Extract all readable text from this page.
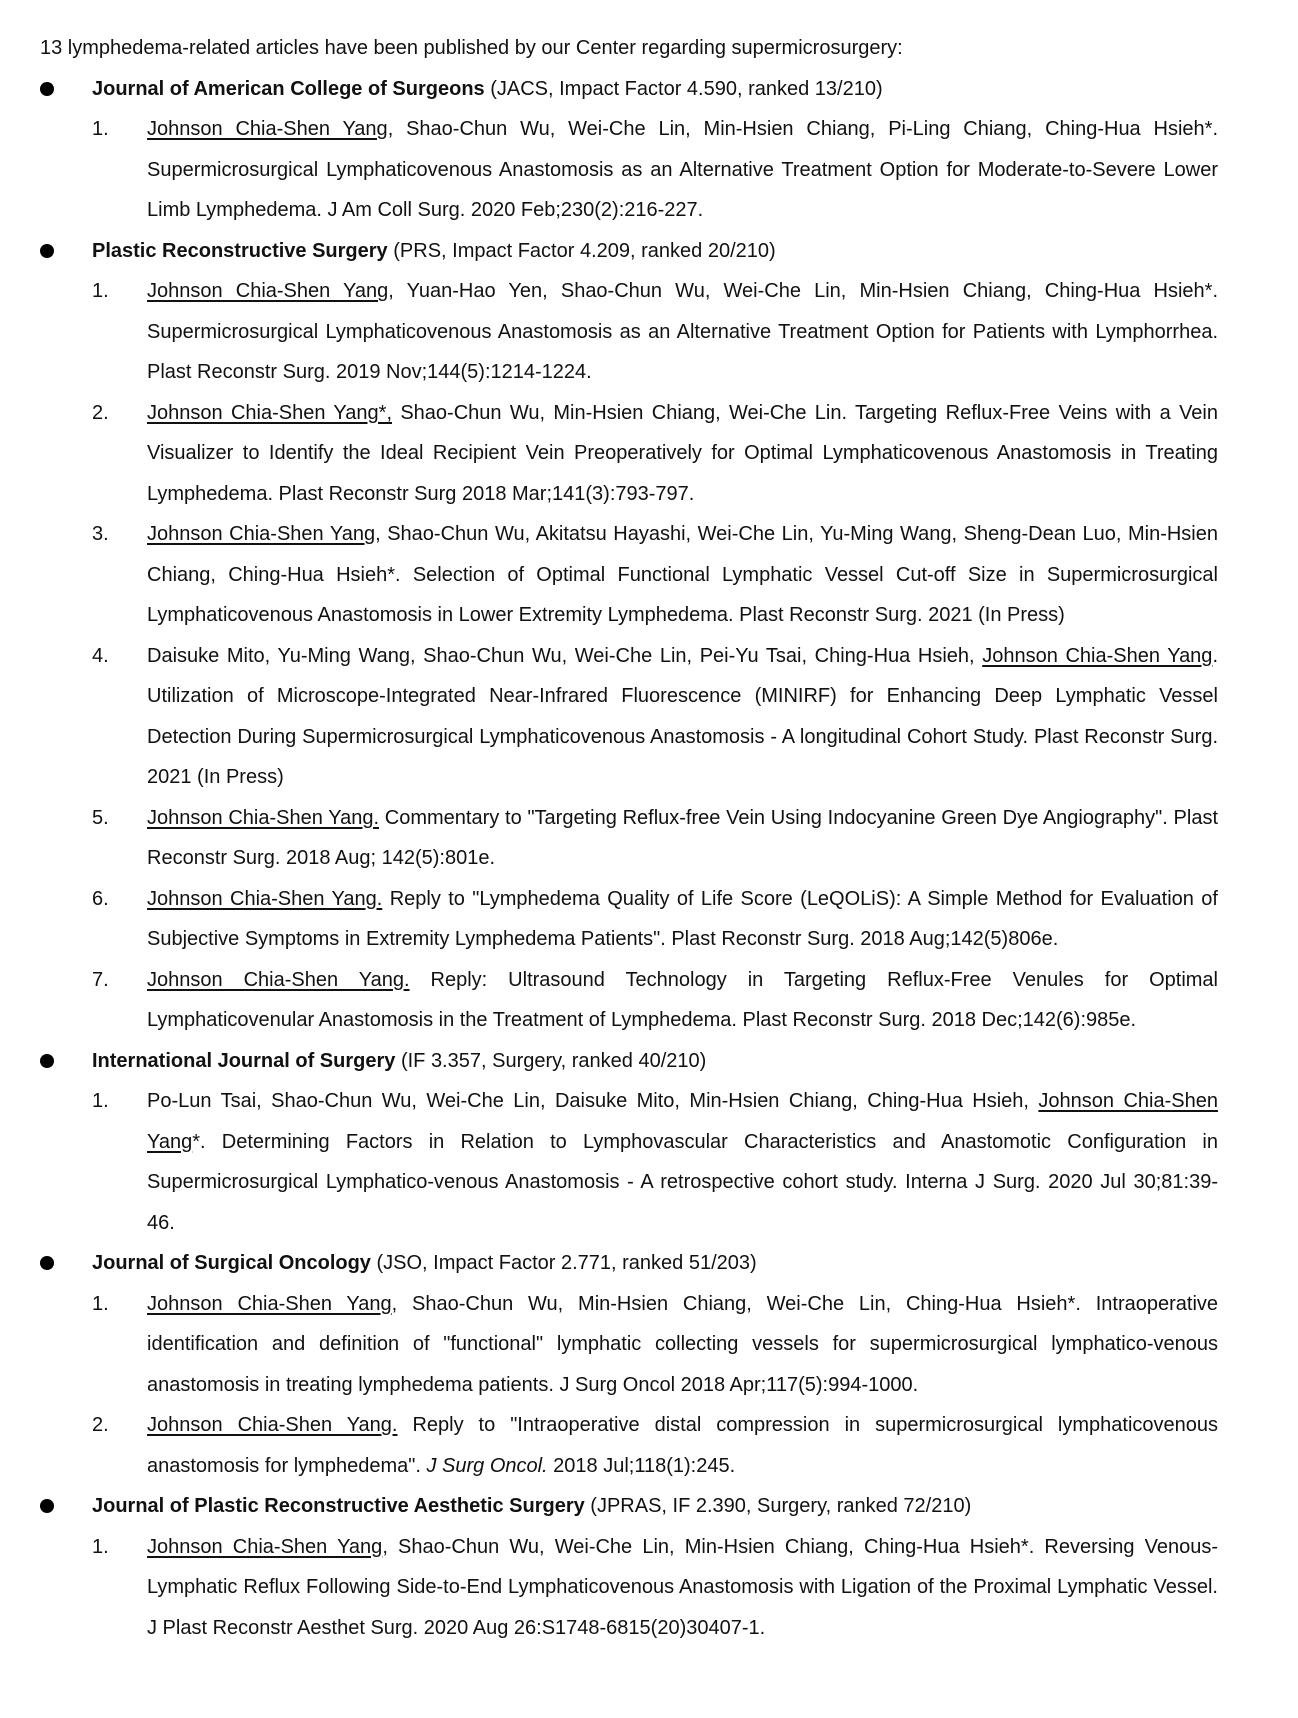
13 lymphedema-related articles have been published by our Center regarding supermicrosurgery:

Journal of American College of Surgeons (JACS, Impact Factor 4.590, ranked 13/210)

1. Johnson Chia-Shen Yang, Shao-Chun Wu, Wei-Che Lin, Min-Hsien Chiang, Pi-Ling Chiang, Ching-Hua Hsieh*. Supermicrosurgical Lymphaticovenous Anastomosis as an Alternative Treatment Option for Moderate-to-Severe Lower Limb Lymphedema. J Am Coll Surg. 2020 Feb;230(2):216-227.

Plastic Reconstructive Surgery (PRS, Impact Factor 4.209, ranked 20/210)

1. Johnson Chia-Shen Yang, Yuan-Hao Yen, Shao-Chun Wu, Wei-Che Lin, Min-Hsien Chiang, Ching-Hua Hsieh*. Supermicrosurgical Lymphaticovenous Anastomosis as an Alternative Treatment Option for Patients with Lymphorrhea. Plast Reconstr Surg. 2019 Nov;144(5):1214-1224.

2. Johnson Chia-Shen Yang*, Shao-Chun Wu, Min-Hsien Chiang, Wei-Che Lin. Targeting Reflux-Free Veins with a Vein Visualizer to Identify the Ideal Recipient Vein Preoperatively for Optimal Lymphaticovenous Anastomosis in Treating Lymphedema. Plast Reconstr Surg 2018 Mar;141(3):793-797.

3. Johnson Chia-Shen Yang, Shao-Chun Wu, Akitatsu Hayashi, Wei-Che Lin, Yu-Ming Wang, Sheng-Dean Luo, Min-Hsien Chiang, Ching-Hua Hsieh*. Selection of Optimal Functional Lymphatic Vessel Cut-off Size in Supermicrosurgical Lymphaticovenous Anastomosis in Lower Extremity Lymphedema. Plast Reconstr Surg. 2021 (In Press)

4. Daisuke Mito, Yu-Ming Wang, Shao-Chun Wu, Wei-Che Lin, Pei-Yu Tsai, Ching-Hua Hsieh, Johnson Chia-Shen Yang. Utilization of Microscope-Integrated Near-Infrared Fluorescence (MINIRF) for Enhancing Deep Lymphatic Vessel Detection During Supermicrosurgical Lymphaticovenous Anastomosis - A longitudinal Cohort Study. Plast Reconstr Surg. 2021 (In Press)

5. Johnson Chia-Shen Yang. Commentary to "Targeting Reflux-free Vein Using Indocyanine Green Dye Angiography". Plast Reconstr Surg. 2018 Aug; 142(5):801e.

6. Johnson Chia-Shen Yang. Reply to "Lymphedema Quality of Life Score (LeQOLiS): A Simple Method for Evaluation of Subjective Symptoms in Extremity Lymphedema Patients". Plast Reconstr Surg. 2018 Aug;142(5)806e.

7. Johnson Chia-Shen Yang. Reply: Ultrasound Technology in Targeting Reflux-Free Venules for Optimal Lymphaticovenular Anastomosis in the Treatment of Lymphedema. Plast Reconstr Surg. 2018 Dec;142(6):985e.

International Journal of Surgery (IF 3.357, Surgery, ranked 40/210)

1. Po-Lun Tsai, Shao-Chun Wu, Wei-Che Lin, Daisuke Mito, Min-Hsien Chiang, Ching-Hua Hsieh, Johnson Chia-Shen Yang*. Determining Factors in Relation to Lymphovascular Characteristics and Anastomotic Configuration in Supermicrosurgical Lymphatico-venous Anastomosis - A retrospective cohort study. Interna J Surg. 2020 Jul 30;81:39-46.

Journal of Surgical Oncology (JSO, Impact Factor 2.771, ranked 51/203)

1. Johnson Chia-Shen Yang, Shao-Chun Wu, Min-Hsien Chiang, Wei-Che Lin, Ching-Hua Hsieh*. Intraoperative identification and definition of "functional" lymphatic collecting vessels for supermicrosurgical lymphatico-venous anastomosis in treating lymphedema patients. J Surg Oncol 2018 Apr;117(5):994-1000.

2. Johnson Chia-Shen Yang. Reply to "Intraoperative distal compression in supermicrosurgical lymphaticovenous anastomosis for lymphedema". J Surg Oncol. 2018 Jul;118(1):245.

Journal of Plastic Reconstructive Aesthetic Surgery (JPRAS, IF 2.390, Surgery, ranked 72/210)

1. Johnson Chia-Shen Yang, Shao-Chun Wu, Wei-Che Lin, Min-Hsien Chiang, Ching-Hua Hsieh*. Reversing Venous-Lymphatic Reflux Following Side-to-End Lymphaticovenous Anastomosis with Ligation of the Proximal Lymphatic Vessel. J Plast Reconstr Aesthet Surg. 2020 Aug 26:S1748-6815(20)30407-1.
